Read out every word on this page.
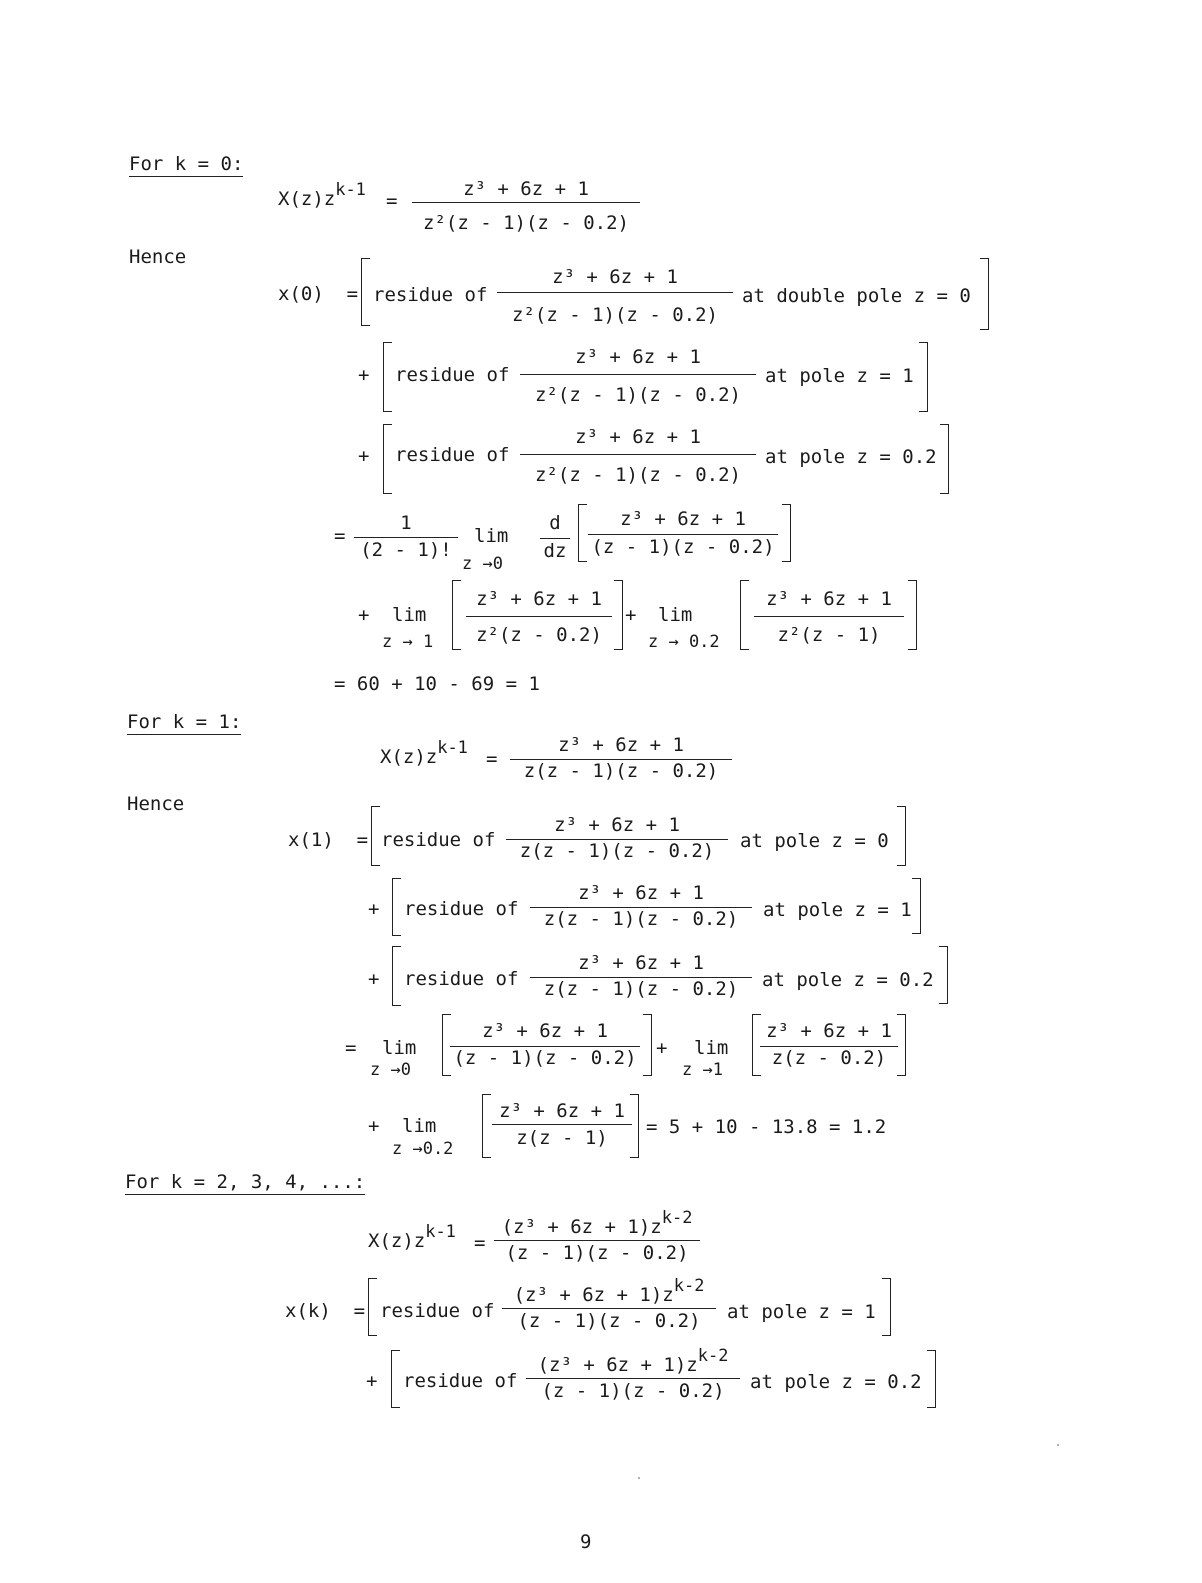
For k = 0:
X(z)zk-1 =
z³ + 6z + 1
z²(z - 1)(z - 0.2)
Hence
x(0)  = residue of
z³ + 6z + 1
z²(z - 1)(z - 0.2)
at double pole z = 0
+ residue of
z³ + 6z + 1
z²(z - 1)(z - 0.2)
at pole z = 1
+ residue of
z³ + 6z + 1
z²(z - 1)(z - 0.2)
at pole z = 0.2
=
1
(2 - 1)!
lim
z →0
d
dz
z³ + 6z + 1
(z - 1)(z - 0.2)
+ lim
z → 1
z³ + 6z + 1
z²(z - 0.2)
+ lim
z → 0.2
z³ + 6z + 1
z²(z - 1)
= 60 + 10 - 69 = 1
For k = 1:
X(z)zk-1 =
z³ + 6z + 1
z(z - 1)(z - 0.2)
Hence
x(1)  = residue of
z³ + 6z + 1
z(z - 1)(z - 0.2)	at pole z = 0
+ residue of
z³ + 6z + 1
z(z - 1)(z - 0.2)	at pole z = 1
+ residue of
z³ + 6z + 1
z(z - 1)(z - 0.2)	at pole z = 0.2
= lim
z →0
z³ + 6z + 1
(z - 1)(z - 0.2) + lim
z →1
z³ + 6z + 1
z(z - 0.2)
+ lim
z →0.2
z³ + 6z + 1
z(z - 1)	= 5 + 10 - 13.8 = 1.2
For k = 2, 3, 4, ...:
X(z)zk-1 =
(z³ + 6z + 1)zk-2
(z - 1)(z - 0.2)
x(k)  = residue of
(z³ + 6z + 1)zk-2
(z - 1)(z - 0.2)	at pole z = 1
+ residue of
(z³ + 6z + 1)zk-2
(z - 1)(z - 0.2)	at pole z = 0.2
9
